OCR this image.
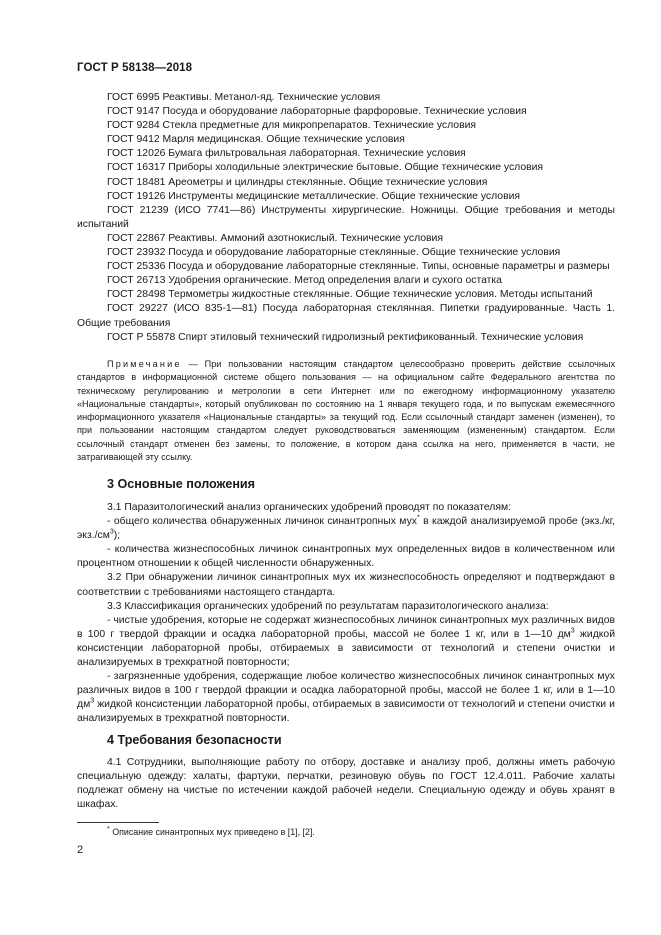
ГОСТ Р 58138—2018
ГОСТ 6995 Реактивы. Метанол-яд. Технические условия
ГОСТ 9147 Посуда и оборудование лабораторные фарфоровые. Технические условия
ГОСТ 9284 Стекла предметные для микропрепаратов. Технические условия
ГОСТ 9412 Марля медицинская. Общие технические условия
ГОСТ 12026 Бумага фильтровальная лабораторная. Технические условия
ГОСТ 16317 Приборы холодильные электрические бытовые. Общие технические условия
ГОСТ 18481 Ареометры и цилиндры стеклянные. Общие технические условия
ГОСТ 19126 Инструменты медицинские металлические. Общие технические условия
ГОСТ 21239 (ИСО 7741—86) Инструменты хирургические. Ножницы. Общие требования и методы испытаний
ГОСТ 22867 Реактивы. Аммоний азотнокислый. Технические условия
ГОСТ 23932 Посуда и оборудование лабораторные стеклянные. Общие технические условия
ГОСТ 25336 Посуда и оборудование лабораторные стеклянные. Типы, основные параметры и размеры
ГОСТ 26713 Удобрения органические. Метод определения влаги и сухого остатка
ГОСТ 28498 Термометры жидкостные стеклянные. Общие технические условия. Методы испытаний
ГОСТ 29227 (ИСО 835-1—81) Посуда лабораторная стеклянная. Пипетки градуированные. Часть 1. Общие требования
ГОСТ Р 55878 Спирт этиловый технический гидролизный ректификованный. Технические условия
Примечание — При пользовании настоящим стандартом целесообразно проверить действие ссылочных стандартов в информационной системе общего пользования — на официальном сайте Федерального агентства по техническому регулированию и метрологии в сети Интернет или по ежегодному информационному указателю «Национальные стандарты», который опубликован по состоянию на 1 января текущего года, и по выпускам ежемесячного информационного указателя «Национальные стандарты» за текущий год. Если ссылочный стандарт заменен (изменен), то при пользовании настоящим стандартом следует руководствоваться заменяющим (измененным) стандартом. Если ссылочный стандарт отменен без замены, то положение, в котором дана ссылка на него, применяется в части, не затрагивающей эту ссылку.
3 Основные положения
3.1 Паразитологический анализ органических удобрений проводят по показателям:
- общего количества обнаруженных личинок синантропных мух* в каждой анализируемой пробе (экз./кг, $экз./см^3$);
- количества жизнеспособных личинок синантропных мух определенных видов в количественном или процентном отношении к общей численности обнаруженных.
3.2 При обнаружении личинок синантропных мух их жизнеспособность определяют и подтверждают в соответствии с требованиями настоящего стандарта.
3.3 Классификация органических удобрений по результатам паразитологического анализа:
- чистые удобрения, которые не содержат жизнеспособных личинок синантропных мух различных видов в 100 г твердой фракции и осадка лабораторной пробы, массой не более 1 кг, или в 1—10 $дм^3$ жидкой консистенции лабораторной пробы, отбираемых в зависимости от технологий и степени очистки и анализируемых в трехкратной повторности;
- загрязненные удобрения, содержащие любое количество жизнеспособных личинок синантропных мух различных видов в 100 г твердой фракции и осадка лабораторной пробы, массой не более 1 кг, или в 1—10 $дм^3$ жидкой консистенции лабораторной пробы, отбираемых в зависимости от технологий и степени очистки и анализируемых в трехкратной повторности.
4 Требования безопасности
4.1 Сотрудники, выполняющие работу по отбору, доставке и анализу проб, должны иметь рабочую специальную одежду: халаты, фартуки, перчатки, резиновую обувь по ГОСТ 12.4.011. Рабочие халаты подлежат обмену на чистые по истечении каждой рабочей недели. Специальную одежду и обувь хранят в шкафах.
* Описание синантропных мух приведено в [1], [2].
2
